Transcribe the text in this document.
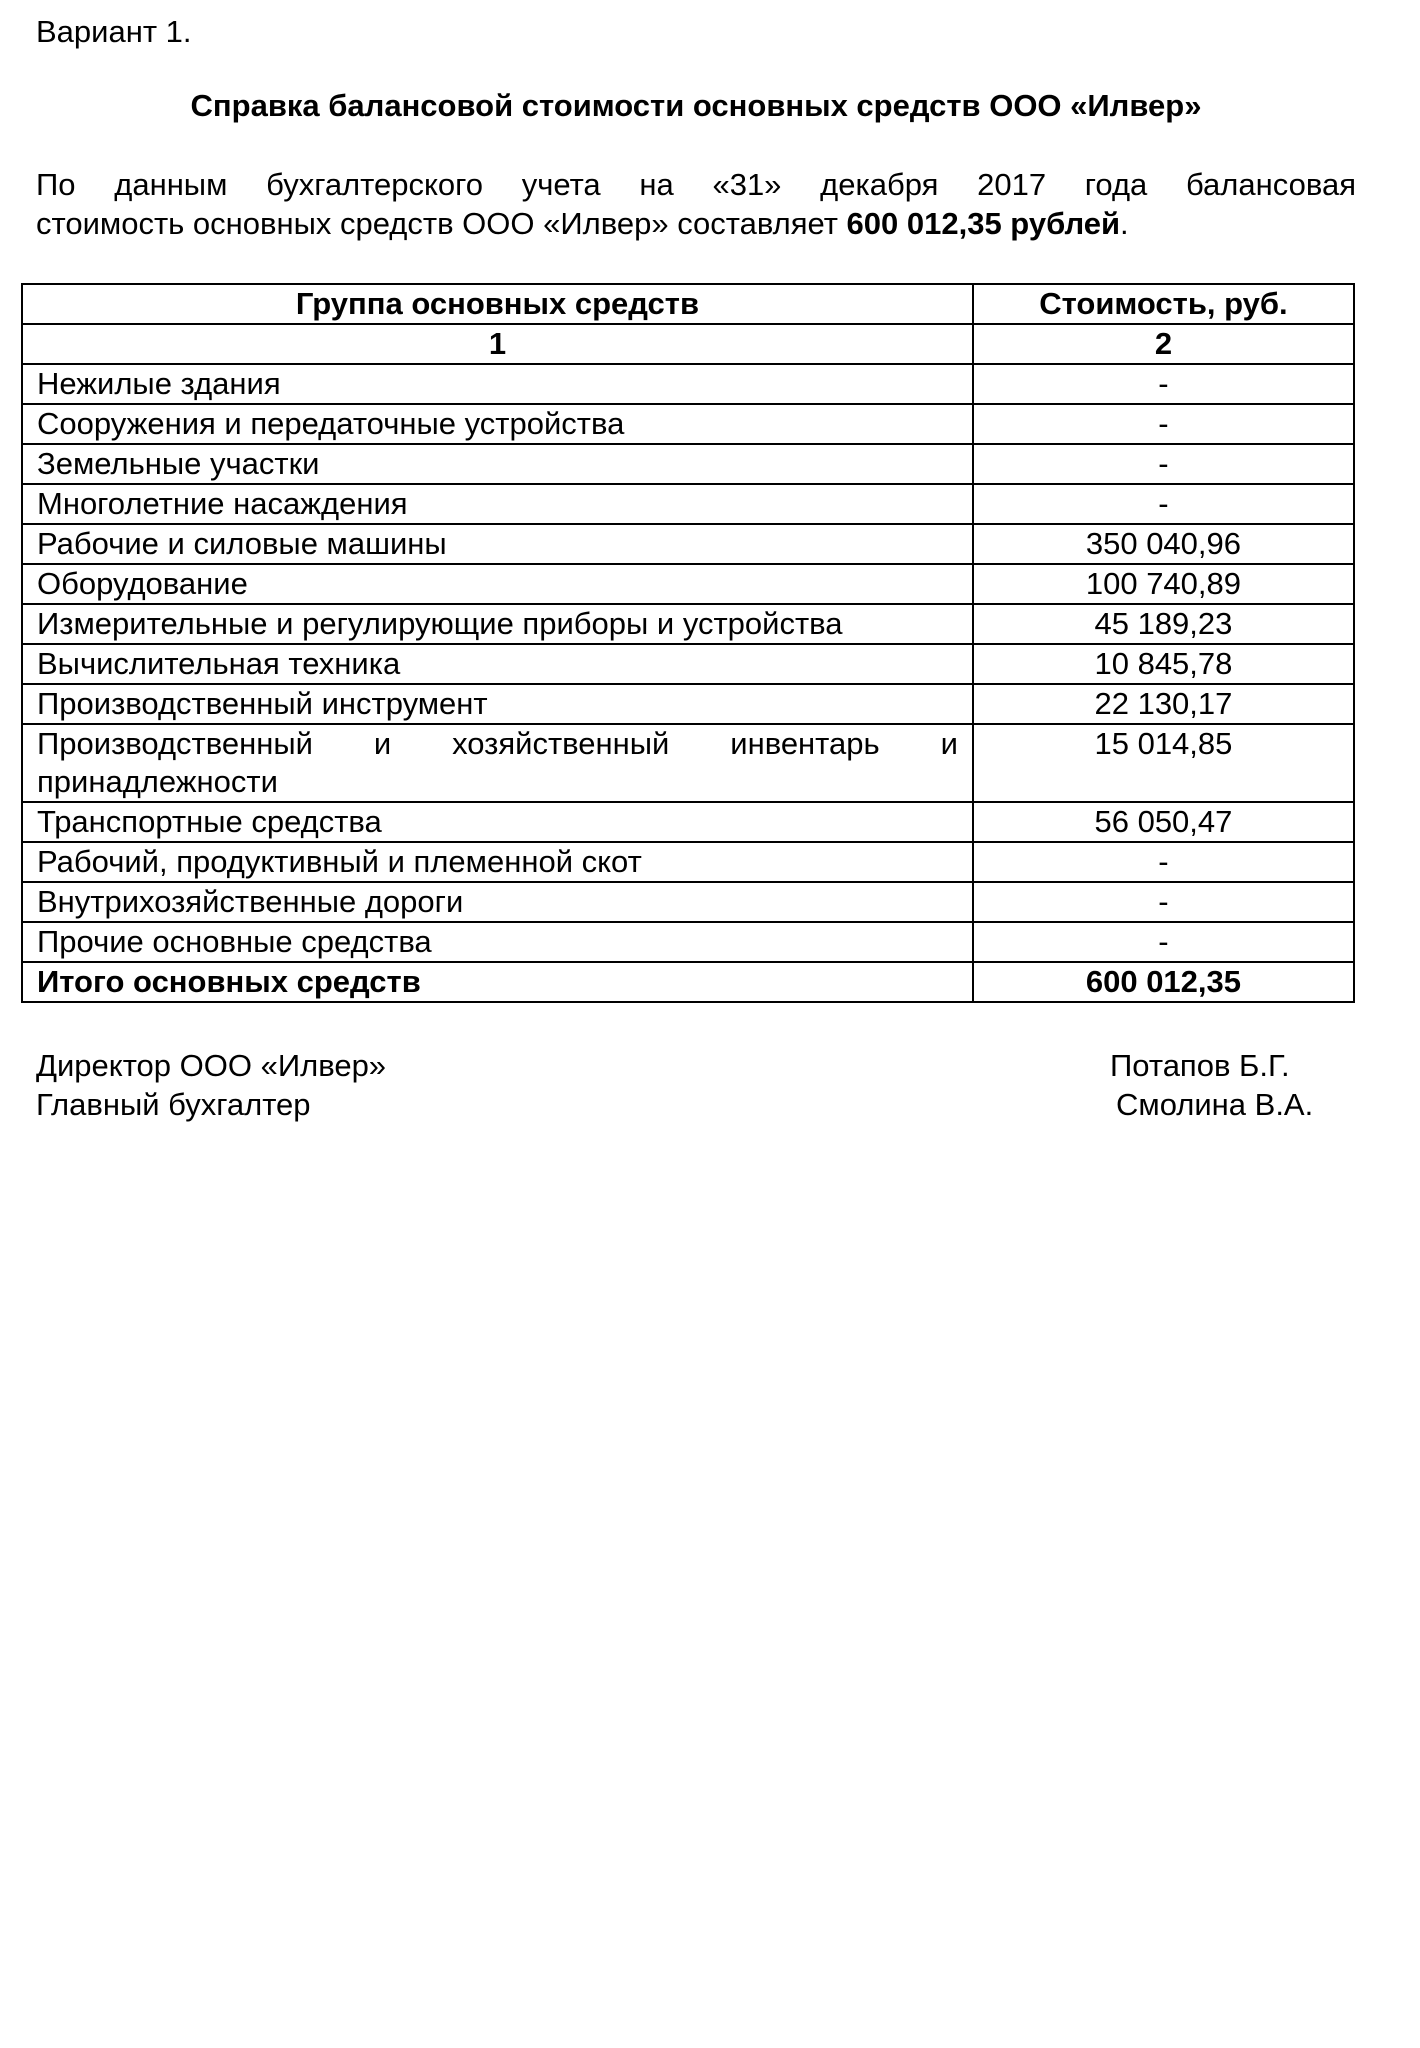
Вариант 1.

Справка балансовой стоимости основных средств ООО «Илвер»

По данным бухгалтерского учета на «31» декабря 2017 года балансовая
стоимость основных средств ООО «Илвер» составляет 600 012,35 рублей.

Группа основных средств	Стоимость, руб.
1	2
Нежилые здания	-
Сооружения и передаточные устройства	-
Земельные участки	-
Многолетние насаждения	-
Рабочие и силовые машины	350 040,96
Оборудование	100 740,89
Измерительные и регулирующие приборы и устройства	45 189,23
Вычислительная техника	10 845,78
Производственный инструмент	22 130,17
Производственный и хозяйственный инвентарь и принадлежности	15 014,85
Транспортные средства	56 050,47
Рабочий, продуктивный и племенной скот	-
Внутрихозяйственные дороги	-
Прочие основные средства	-
Итого основных средств	600 012,35
Директор ООО «Илвер»	Потапов Б.Г.
Главный бухгалтер	Смолина В.А.
